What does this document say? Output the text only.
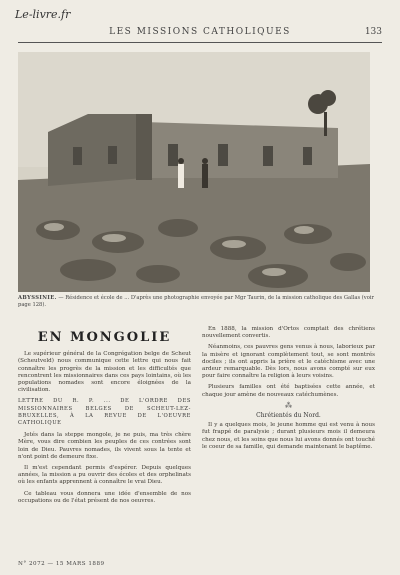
Le-livre.fr
LES MISSIONS CATHOLIQUES	133
ABYSSINIE. — Résidence et école de ... D'après une photographie envoyée par Mgr Taurin, de la mission catholique des Gallas (voir page 128).
EN MONGOLIE

Le supérieur général de la Congrégation belge de Scheut (Scheutveld) nous communique cette lettre qui nous fait connaître les progrès de la mission et les difficultés que rencontrent les missionnaires dans ces pays lointains, où les populations nomades sont encore éloignées de la civilisation.

LETTRE DU R. P. ... DE L'ORDRE DES MISSIONNAIRES BELGES DE SCHEUT-LEZ-BRUXELLES, À LA REVUE DE L'OEUVRE CATHOLIQUE

Jetés dans la steppe mongole, je ne puis, ma très chère Mère, vous dire combien les peuples de ces contrées sont loin de Dieu. Pauvres nomades, ils vivent sous la tente et n'ont point de demeure fixe.

Il m'est cependant permis d'espérer. Depuis quelques années, la mission a pu ouvrir des écoles et des orphelinats où les enfants apprennent à connaître le vrai Dieu.

Ce tableau vous donnera une idée d'ensemble de nos occupations ou de l'état présent de nos oeuvres.

En 1888, la mission d'Ortos comptait des chrétiens nouvellement convertis.

Néanmoins, ces pauvres gens venus à nous, laborieux par la misère et ignorant complètement tout, se sont montrés dociles ; ils ont appris la prière et le catéchisme avec une ardeur remarquable. Dès lors, nous avons compté sur eux pour faire connaître la religion à leurs voisins.

Plusieurs familles ont été baptisées cette année, et chaque jour amène de nouveaux catéchumènes.

⁂
Chrétientés du Nord.

Il y a quelques mois, le jeune homme qui est venu à nous fut frappé de paralysie ; durant plusieurs mois il demeura chez nous, et les soins que nous lui avons donnés ont touché le coeur de sa famille, qui demande maintenant le baptême.

N° 2072 — 15 MARS 1889
